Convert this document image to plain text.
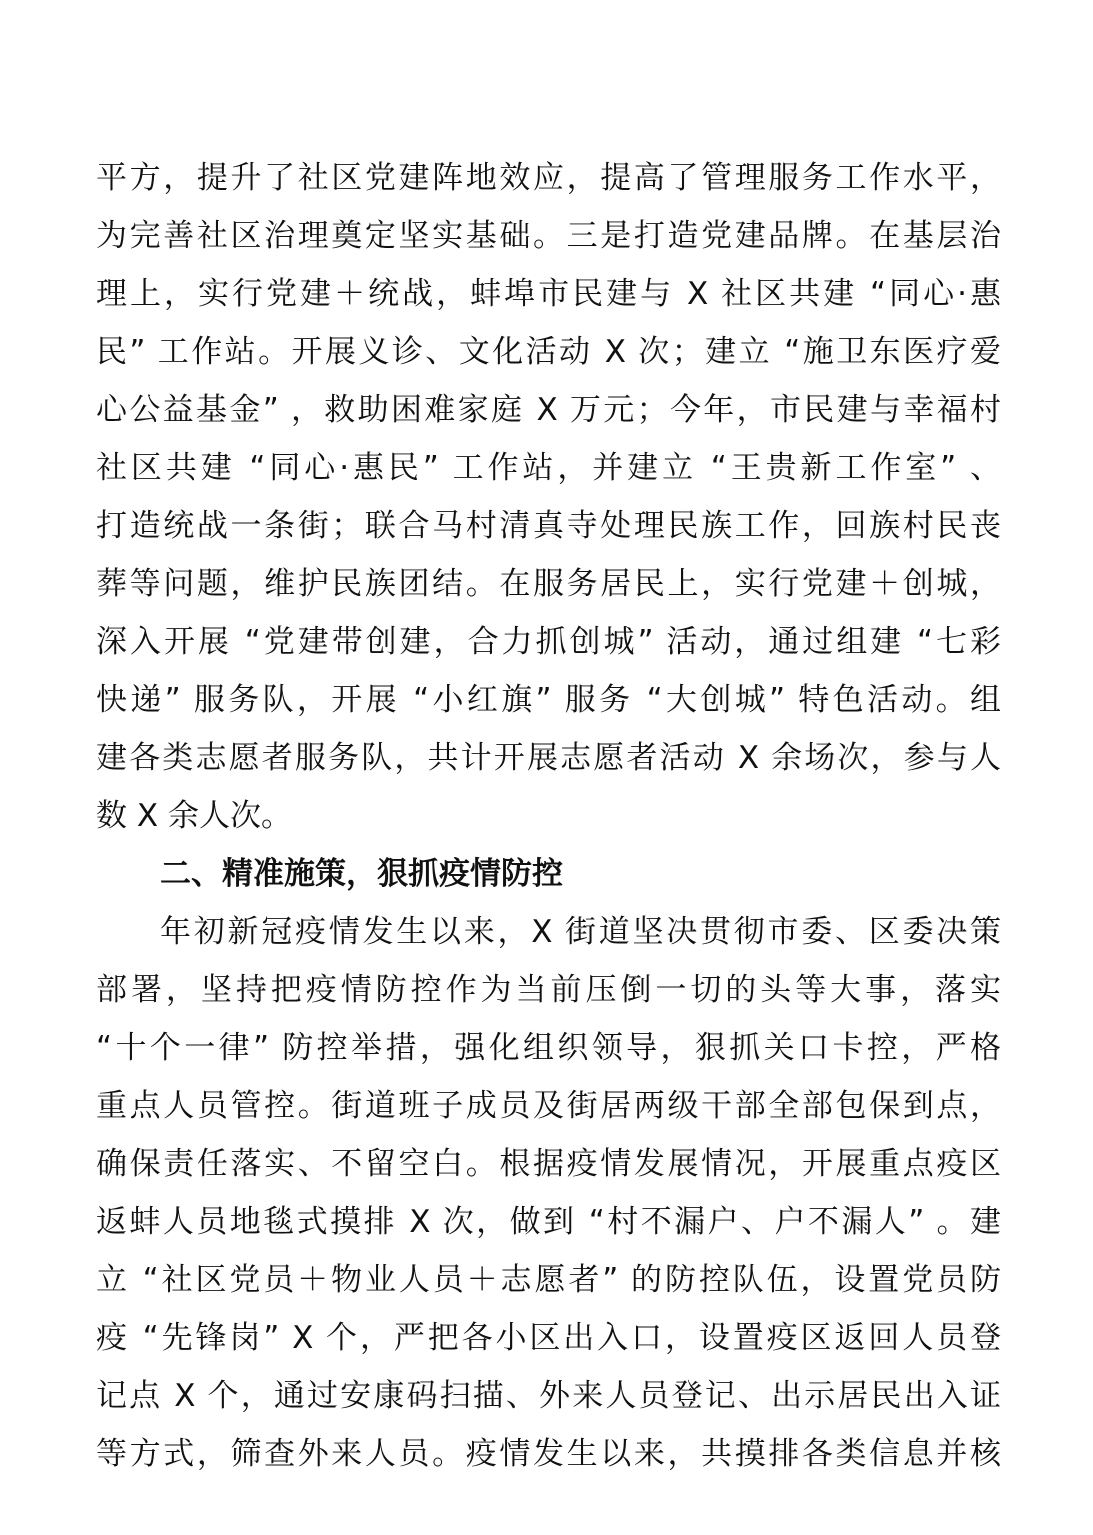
平方，提升了社区党建阵地效应，提高了管理服务工作水平，
为完善社区治理奠定坚实基础。三是打造党建品牌。在基层治
理上，实行党建＋统战，蚌埠市民建与 X 社区共建 “同心·惠
民” 工作站。开展义诊、文化活动 X 次；建立 “施卫东医疗爱
心公益基金” ，救助困难家庭 X 万元；今年，市民建与幸福村
社区共建 “同心·惠民” 工作站，并建立 “王贵新工作室” 、
打造统战一条街；联合马村清真寺处理民族工作，回族村民丧
葬等问题，维护民族团结。在服务居民上，实行党建＋创城，
深入开展 “党建带创建，合力抓创城” 活动，通过组建 “七彩
快递” 服务队，开展 “小红旗” 服务 “大创城” 特色活动。组
建各类志愿者服务队，共计开展志愿者活动 X 余场次，参与人
数 X 余人次。
二、精准施策，狠抓疫情防控
年初新冠疫情发生以来，X 街道坚决贯彻市委、区委决策
部署，坚持把疫情防控作为当前压倒一切的头等大事，落实
“十个一律” 防控举措，强化组织领导，狠抓关口卡控，严格
重点人员管控。街道班子成员及街居两级干部全部包保到点，
确保责任落实、不留空白。根据疫情发展情况，开展重点疫区
返蚌人员地毯式摸排 X 次，做到 “村不漏户、户不漏人” 。建
立 “社区党员＋物业人员＋志愿者” 的防控队伍，设置党员防
疫 “先锋岗” X 个，严把各小区出入口，设置疫区返回人员登
记点 X 个，通过安康码扫描、外来人员登记、出示居民出入证
等方式，筛查外来人员。疫情发生以来，共摸排各类信息并核
